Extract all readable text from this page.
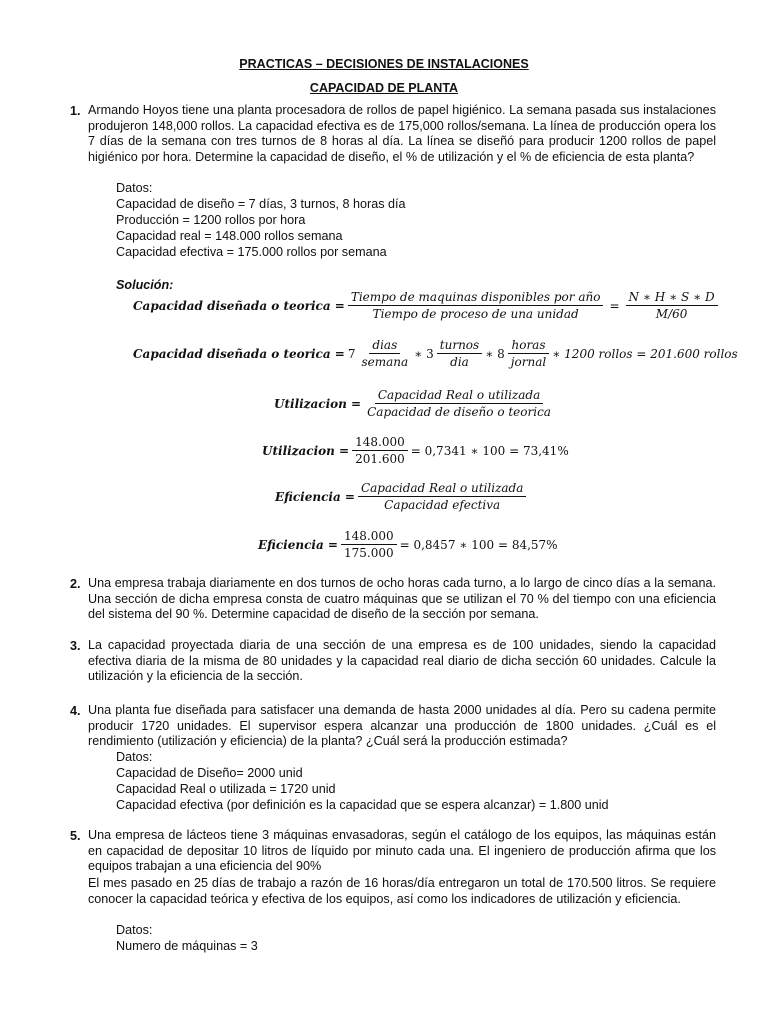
PRACTICAS – DECISIONES DE INSTALACIONES
CAPACIDAD DE PLANTA
1. Armando Hoyos tiene una planta procesadora de rollos de papel higiénico. La semana pasada sus instalaciones produjeron 148,000 rollos. La capacidad efectiva es de 175,000 rollos/semana. La línea de producción opera los 7 días de la semana con tres turnos de 8 horas al día. La línea se diseñó para producir 1200 rollos de papel higiénico por hora. Determine la capacidad de diseño, el % de utilización y el % de eficiencia de esta planta?
Datos:
Capacidad de diseño = 7 días, 3 turnos, 8 horas día
Producción = 1200 rollos por hora
Capacidad real = 148.000 rollos semana
Capacidad efectiva = 175.000 rollos por semana
Solución:
Capacidad diseñada o teorica = $\frac{\text{Tiempo de maquinas disponibles por año}}{\text{Tiempo de proceso de una unidad}} = \frac{N ∗ H ∗ S ∗ D}{M/60}$
Capacidad diseñada o teorica = $7 \frac{\text{dias}}{\text{semana}}$ ∗ $3 \frac{\text{turnos}}{\text{dia}}$ ∗ $8 \frac{\text{horas}}{\text{jornal}}$ ∗ 1200 rollos = 201.600 rollos
Utilizacion = $\frac{\text{Capacidad Real o utilizada}}{\text{Capacidad de diseño o teorica}}$
Utilizacion = $\frac{148.000}{201.600} = 0,7341$ ∗ 100 = 73,41%
Eficiencia = $\frac{\text{Capacidad Real o utilizada}}{\text{Capacidad efectiva}}$
Eficiencia = $\frac{148.000}{175.000} = 0,8457$ ∗ 100 = 84,57%
2. Una empresa trabaja diariamente en dos turnos de ocho horas cada turno, a lo largo de cinco días a la semana. Una sección de dicha empresa consta de cuatro máquinas que se utilizan el 70 % del tiempo con una eficiencia del sistema del 90 %. Determine capacidad de diseño de la sección por semana.
3. La capacidad proyectada diaria de una sección de una empresa es de 100 unidades, siendo la capacidad efectiva diaria de la misma de 80 unidades y la capacidad real diario de dicha sección 60 unidades. Calcule la utilización y la eficiencia de la sección.
4. Una planta fue diseñada para satisfacer una demanda de hasta 2000 unidades al día. Pero su cadena permite producir 1720 unidades. El supervisor espera alcanzar una producción de 1800 unidades. ¿Cuál es el rendimiento (utilización y eficiencia) de la planta? ¿Cuál será la producción estimada?
Datos:
Capacidad de Diseño= 2000 unid
Capacidad Real o utilizada = 1720 unid
Capacidad efectiva (por definición es la capacidad que se espera alcanzar) = 1.800 unid
5. Una empresa de lácteos tiene 3 máquinas envasadoras, según el catálogo de los equipos, las máquinas están en capacidad de depositar 10 litros de líquido por minuto cada una. El ingeniero de producción afirma que los equipos trabajan a una eficiencia del 90%
El mes pasado en 25 días de trabajo a razón de 16 horas/día entregaron un total de 170.500 litros. Se requiere conocer la capacidad teórica y efectiva de los equipos, así como los indicadores de utilización y eficiencia.
Datos:
Numero de máquinas = 3
